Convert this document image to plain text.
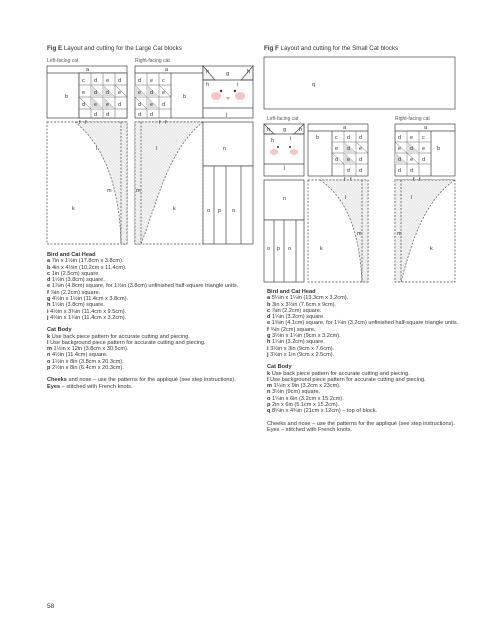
Fig E Layout and cutting for the Large Cat blocks	Fig F Layout and cutting for the Small Cat blocks
Left-facing cat	Right-facing cat
Left-facing cat	Right-facing cat
a
b
c d e d
e d d e
d e e d
d d
f f
a
b
d e c
e d e
d e d
d d
f f
h	g	h
h	i
j
l
k
m
l
k
m
n
o p o
q
h g h
h	i
j
a
b	c d d
e d e
d e d
d d
f f
a
b
d e c
e d e
d e d
d d
f f
n
o p o
l
k
m
l
k
m
Bird and Cat Head
a 7in x 1½in (17.8cm x 3.8cm).
b 4in x 4½in (10.2cm x 11.4cm).
c 1in (2.5cm) square.
d 1½in (3.8cm) square.
e 1⅞in (4.8cm) square, for 1½in (3.8cm) unfinished half-square triangle units.
f ⅞in (2.2cm) square.
g 4½in x 1½in (11.4cm x 3.8cm).
h 1½in (3.8cm) square.
i 4½in x 3¾in (11.4cm x 9.5cm).
j 4½in x 1¼in (11.4cm x 3.2cm).
Cat Body
k Use back piece pattern for accurate cutting and piecing.
l Use background piece pattern for accurate cutting and piecing.
m 1½in x 12in (3.8cm x 30.5cm).
n 4½in (11.4cm) square.
o 1½in x 8in (3.8cm x 20.3cm).
p 2½in x 8in (6.4cm x 20.3cm).
Cheeks and nose – use the patterns for the appliqué (see step instructions).
Eyes – stitched with French knots.
Bird and Cat Head
a 5¼in x 1¼in (13.3cm x 3.2cm).
b 3in x 3½in (7.6cm x 9cm).
c ⅞in (2.2cm) square.
d 1¼in (3.2cm) square.
e 1⅝in (4.1cm) square, for 1¼in (3.2cm) unfinished half-square triangle units.
f ¾in (2cm) square.
g 3½in x 1¼in (9cm x 3.2cm).
h 1¼in (3.2cm) square.
i 3½in x 3in (9cm x 7.6cm).
j 3½in x 1in (9cm x 2.5cm).
Cat Body
k Use back piece pattern for accurate cutting and piecing.
l Use background piece pattern for accurate cutting and piecing.
m 1¼in x 9in (3.2cm x 23cm).
n 3½in (9cm) square.
o 1¼in x 6in (3.2cm x 15.2cm).
p 2in x 6in (5.1cm x 15.2cm).
q 8¼in x 4¾in (21cm x 12cm) – top of block.
Cheeks and nose – use the patterns for the appliqué (see step instructions).
Eyes – stitched with French knots.
58
